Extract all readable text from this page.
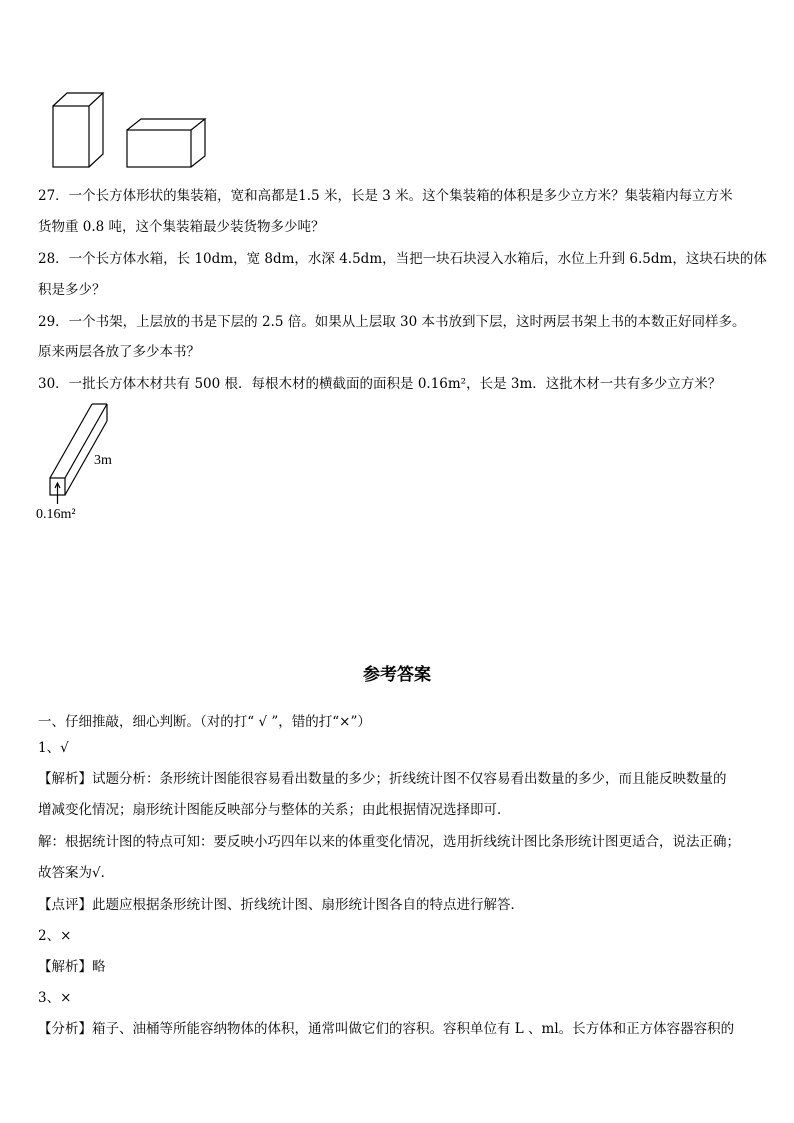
27．一个长方体形状的集装箱，宽和高都是1.5 米，长是 3 米。这个集装箱的体积是多少立方米？集装箱内每立方米
货物重 0.8 吨，这个集装箱最少装货物多少吨？
28．一个长方体水箱，长 10dm，宽 8dm，水深 4.5dm，当把一块石块浸入水箱后，水位上升到 6.5dm，这块石块的体
积是多少？
29．一个书架，上层放的书是下层的 2.5 倍。如果从上层取 30 本书放到下层，这时两层书架上书的本数正好同样多。
原来两层各放了多少本书？
30．一批长方体木材共有 500 根．每根木材的横截面的面积是 0.16m²，长是 3m．这批木材一共有多少立方米？
3m
0.16m²
参考答案
一、仔细推敲，细心判断。（对的打“ √ ”，错的打“×”）
1、√
【解析】试题分析：条形统计图能很容易看出数量的多少；折线统计图不仅容易看出数量的多少，而且能反映数量的
增减变化情况；扇形统计图能反映部分与整体的关系；由此根据情况选择即可．
解：根据统计图的特点可知：要反映小巧四年以来的体重变化情况，选用折线统计图比条形统计图更适合，说法正确；
故答案为√．
【点评】此题应根据条形统计图、折线统计图、扇形统计图各自的特点进行解答．
2、×
【解析】略
3、×
【分析】箱子、油桶等所能容纳物体的体积，通常叫做它们的容积。容积单位有 L 、ml。长方体和正方体容器容积的
